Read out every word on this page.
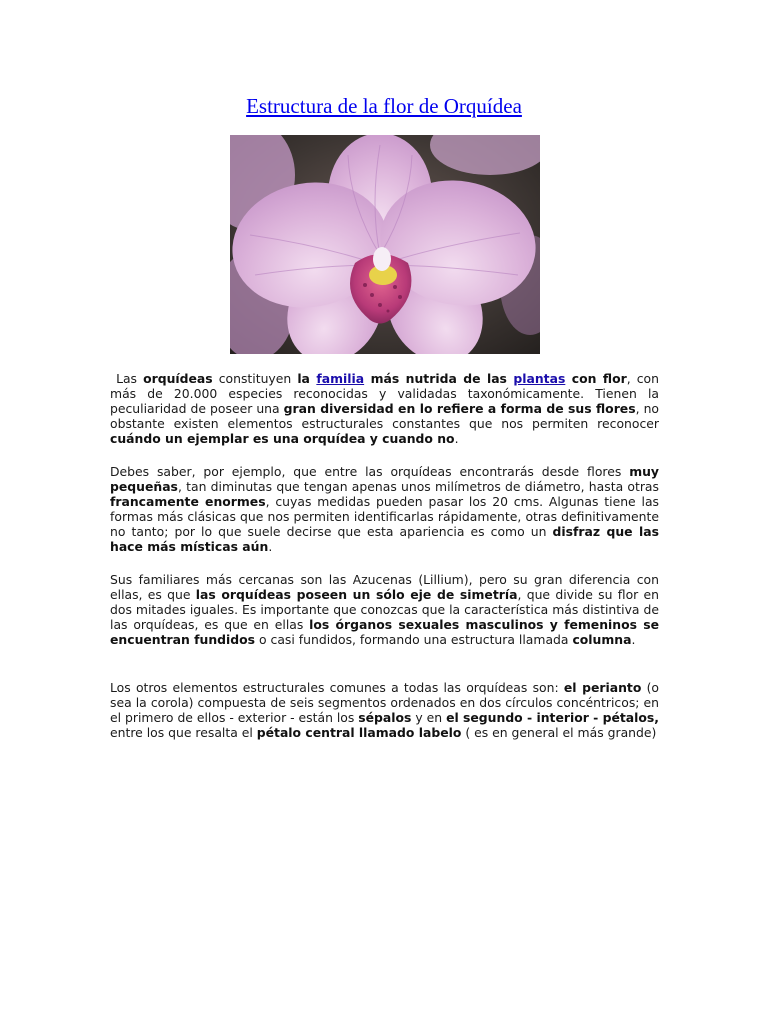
Estructura de la flor de Orquídea

Las orquídeas constituyen la familia más nutrida de las plantas con flor, con más de 20.000 especies reconocidas y validadas taxonómicamente. Tienen la peculiaridad de poseer una gran diversidad en lo refiere a forma de sus flores, no obstante existen elementos estructurales constantes que nos permiten reconocer cuándo un ejemplar es una orquídea y cuando no.

Debes saber, por ejemplo, que entre las orquídeas encontrarás desde flores muy pequeñas, tan diminutas que tengan apenas unos milímetros de diámetro, hasta otras francamente enormes, cuyas medidas pueden pasar los 20 cms. Algunas tiene las formas más clásicas que nos permiten identificarlas rápidamente, otras definitivamente no tanto; por lo que suele decirse que esta apariencia es como un disfraz que las hace más místicas aún.

Sus familiares más cercanas son las Azucenas (Lillium), pero su gran diferencia con ellas, es que las orquídeas poseen un sólo eje de simetría, que divide su flor en dos mitades iguales. Es importante que conozcas que la característica más distintiva de las orquídeas, es que en ellas los órganos sexuales masculinos y femeninos se encuentran fundidos o casi fundidos, formando una estructura llamada columna.

Los otros elementos estructurales comunes a todas las orquídeas son: el perianto (o sea la corola) compuesta de seis segmentos ordenados en dos círculos concéntricos; en el primero de ellos - exterior - están los sépalos y en el segundo - interior - pétalos, entre los que resalta el pétalo central llamado labelo ( es en general el más grande)
